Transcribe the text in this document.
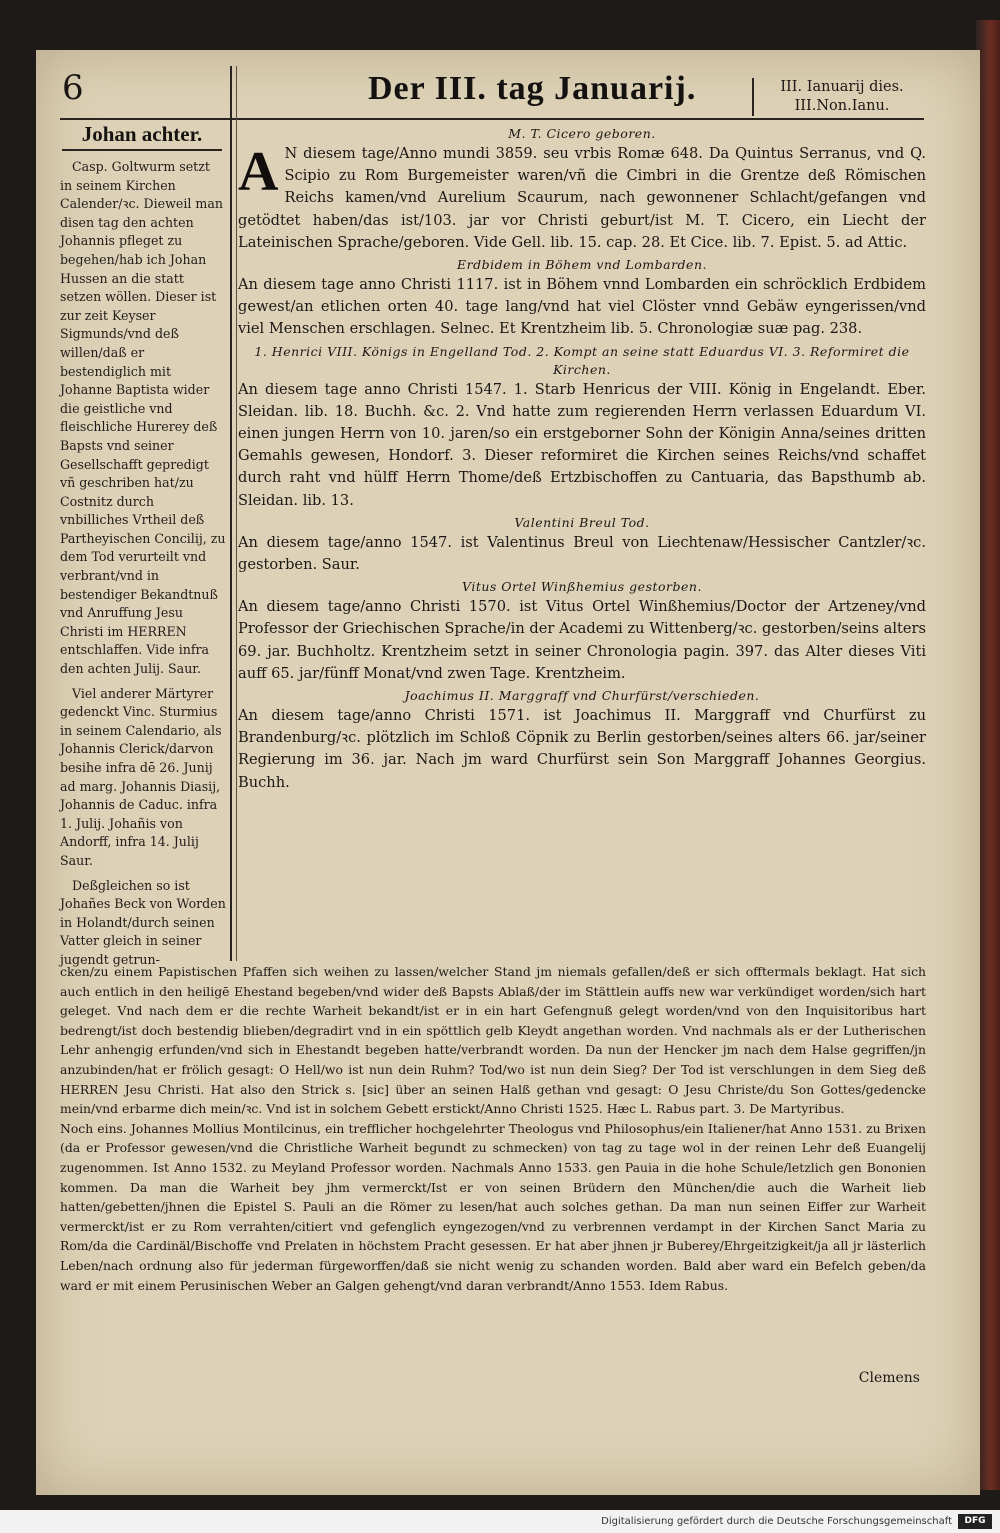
6	Der III. tag Januarij.	III. Ianuarij dies.
III.Non.Ianu.
Johan achter.

Casp. Goltwurm setzt in seinem Kirchen Calender/ꝛc. Dieweil man disen tag den achten Johannis pfleget zu begehen/hab ich Johan Hussen an die statt setzen wöllen. Dieser ist zur zeit Keyser Sigmunds/vnd deß willen/daß er bestendiglich mit Johanne Baptista wider die geistliche vnd fleischliche Hurerey deß Bapsts vnd seiner Gesellschafft gepredigt vñ geschriben hat/zu Costnitz durch vnbilliches Vrtheil deß Partheyischen Concilij, zu dem Tod verurteilt vnd verbrant/vnd in bestendiger Bekandtnuß vnd Anruffung Jesu Christi im HERREN entschlaffen. Vide infra den achten Julij. Saur.

Viel anderer Märtyrer gedenckt Vinc. Sturmius in seinem Calendario, als Johannis Clerick/darvon besihe infra dē 26. Junij ad marg. Johannis Diasij, Johannis de Caduc. infra 1. Julij. Johañis von Andorff, infra 14. Julij Saur.

Deßgleichen so ist Johañes Beck von Worden in Holandt/durch seinen Vatter gleich in seiner jugendt getrun-

M. T. Cicero geboren.

A N diesem tage/Anno mundi 3859. seu vrbis Romæ 648. Da Quintus Serranus, vnd Q. Scipio zu Rom Burgemeister waren/vñ die Cimbri in die Grentze deß Römischen Reichs kamen/vnd Aurelium Scaurum, nach gewonnener Schlacht/gefangen vnd getödtet haben/das ist/103. jar vor Christi geburt/ist M. T. Cicero, ein Liecht der Lateinischen Sprache/geboren. Vide Gell. lib. 15. cap. 28. Et Cice. lib. 7. Epist. 5. ad Attic.

Erdbidem in Böhem vnd Lombarden.

An diesem tage anno Christi 1117. ist in Böhem vnnd Lombarden ein schröcklich Erdbidem gewest/an etlichen orten 40. tage lang/vnd hat viel Clöster vnnd Gebäw eyngerissen/vnd viel Menschen erschlagen. Selnec. Et Krentzheim lib. 5. Chronologiæ suæ pag. 238.

1. Henrici VIII. Königs in Engelland Tod. 2. Kompt an seine statt Eduardus VI. 3. Reformiret die Kirchen.

An diesem tage anno Christi 1547. 1. Starb Henricus der VIII. König in Engelandt. Eber. Sleidan. lib. 18. Buchh. &c. 2. Vnd hatte zum regierenden Herrn verlassen Eduardum VI. einen jungen Herrn von 10. jaren/so ein erstgeborner Sohn der Königin Anna/seines dritten Gemahls gewesen, Hondorf. 3. Dieser reformiret die Kirchen seines Reichs/vnd schaffet durch raht vnd hülff Herrn Thome/deß Ertzbischoffen zu Cantuaria, das Bapsthumb ab. Sleidan. lib. 13.

Valentini Breul Tod.

An diesem tage/anno 1547. ist Valentinus Breul von Liechtenaw/Hessischer Cantzler/ꝛc. gestorben. Saur.

Vitus Ortel Winßhemius gestorben.

An diesem tage/anno Christi 1570. ist Vitus Ortel Winßhemius/Doctor der Artzeney/vnd Professor der Griechischen Sprache/in der Academi zu Wittenberg/ꝛc. gestorben/seins alters 69. jar. Buchholtz. Krentzheim setzt in seiner Chronologia pagin. 397. das Alter dieses Viti auff 65. jar/fünff Monat/vnd zwen Tage. Krentzheim.

Joachimus II. Marggraff vnd Churfürst/verschieden.

An diesem tage/anno Christi 1571. ist Joachimus II. Marggraff vnd Churfürst zu Brandenburg/ꝛc. plötzlich im Schloß Cöpnik zu Berlin gestorben/seines alters 66. jar/seiner Regierung im 36. jar. Nach jm ward Churfürst sein Son Marggraff Johannes Georgius. Buchh.

cken/zu einem Papistischen Pfaffen sich weihen zu lassen/welcher Stand jm niemals gefallen/deß er sich offtermals beklagt. Hat sich auch entlich in den heiligē Ehestand begeben/vnd wider deß Bapsts Ablaß/der im Stättlein auffs new war verkündiget worden/sich hart geleget. Vnd nach dem er die rechte Warheit bekandt/ist er in ein hart Gefengnuß gelegt worden/vnd von den Inquisitoribus hart bedrengt/ist doch bestendig blieben/degradirt vnd in ein spöttlich gelb Kleydt angethan worden. Vnd nachmals als er der Lutherischen Lehr anhengig erfunden/vnd sich in Ehestandt begeben hatte/verbrandt worden. Da nun der Hencker jm nach dem Halse gegriffen/jn anzubinden/hat er frölich gesagt: O Hell/wo ist nun dein Ruhm? Tod/wo ist nun dein Sieg? Der Tod ist verschlungen in dem Sieg deß HERREN Jesu Christi. Hat also den Strick s. [sic] über an seinen Halß gethan vnd gesagt: O Jesu Christe/du Son Gottes/gedencke mein/vnd erbarme dich mein/ꝛc. Vnd ist in solchem Gebett erstickt/Anno Christi 1525. Hæc L. Rabus part. 3. De Martyribus.

Noch eins. Johannes Mollius Montilcinus, ein trefflicher hochgelehrter Theologus vnd Philosophus/ein Italiener/hat Anno 1531. zu Brixen (da er Professor gewesen/vnd die Christliche Warheit begundt zu schmecken) von tag zu tage wol in der reinen Lehr deß Euangelij zugenommen. Ist Anno 1532. zu Meyland Professor worden. Nachmals Anno 1533. gen Pauia in die hohe Schule/letzlich gen Bononien kommen. Da man die Warheit bey jhm vermerckt/Ist er von seinen Brüdern den München/die auch die Warheit lieb hatten/gebetten/jhnen die Epistel S. Pauli an die Römer zu lesen/hat auch solches gethan. Da man nun seinen Eiffer zur Warheit vermerckt/ist er zu Rom verrahten/citiert vnd gefenglich eyngezogen/vnd zu verbrennen verdampt in der Kirchen Sanct Maria zu Rom/da die Cardinäl/Bischoffe vnd Prelaten in höchstem Pracht gesessen. Er hat aber jhnen jr Buberey/Ehrgeitzigkeit/ja all jr lästerlich Leben/nach ordnung also für jederman fürgeworffen/daß sie nicht wenig zu schanden worden. Bald aber ward ein Befelch geben/da ward er mit einem Perusinischen Weber an Galgen gehengt/vnd daran verbrandt/Anno 1553. Idem Rabus.

Clemens
Digitalisierung gefördert durch die Deutsche Forschungsgemeinschaft	DFG
